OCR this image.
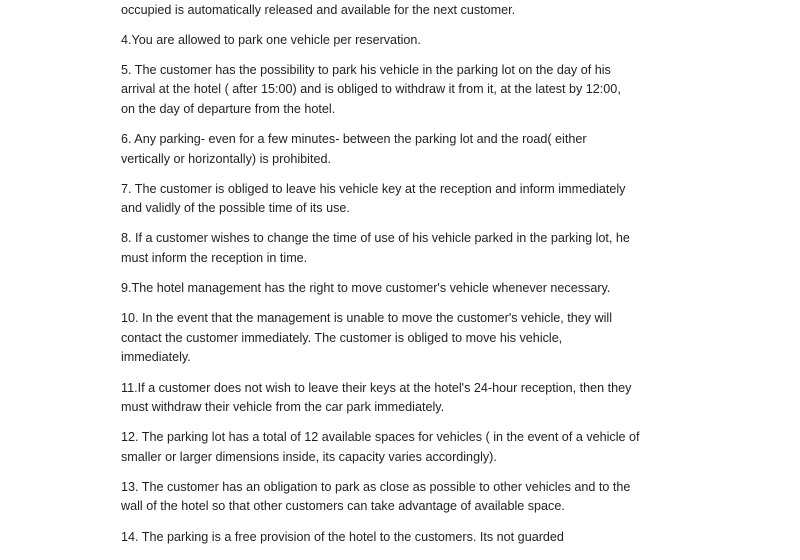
occupied is automatically released and available for the next customer.
4.You are allowed to park one vehicle per reservation.
5. The customer has the possibility to park his vehicle in the parking lot on the day of his
arrival at the hotel ( after 15:00) and is obliged to withdraw it from it, at the latest by 12:00,
on the day of departure from the hotel.
6. Any parking- even for a few minutes- between the parking lot and the road( either
vertically or horizontally) is prohibited.
7. The customer is obliged to leave his vehicle key at the reception and inform immediately
and validly of the possible time of its use.
8. If a customer wishes to change the time of use of his vehicle parked in the parking lot, he
must inform the reception in time.
9.The hotel management has the right to move customer's vehicle whenever necessary.
10. In the event that the management is unable to move the customer's vehicle, they will
contact the customer immediately. The customer is obliged to move his vehicle,
immediately.
11.If a customer does not wish to leave their keys at the hotel's 24-hour reception, then they
must withdraw their vehicle from the car park immediately.
12. The parking lot has a total of 12 available spaces for vehicles ( in the event of a vehicle of
smaller or larger dimensions inside, its capacity varies accordingly).
13. The customer has an obligation to park as close as possible to other vehicles and to the
wall of the hotel so that other customers can take advantage of available space.
14. The parking is a free provision of the hotel to the customers. Its not guarded
